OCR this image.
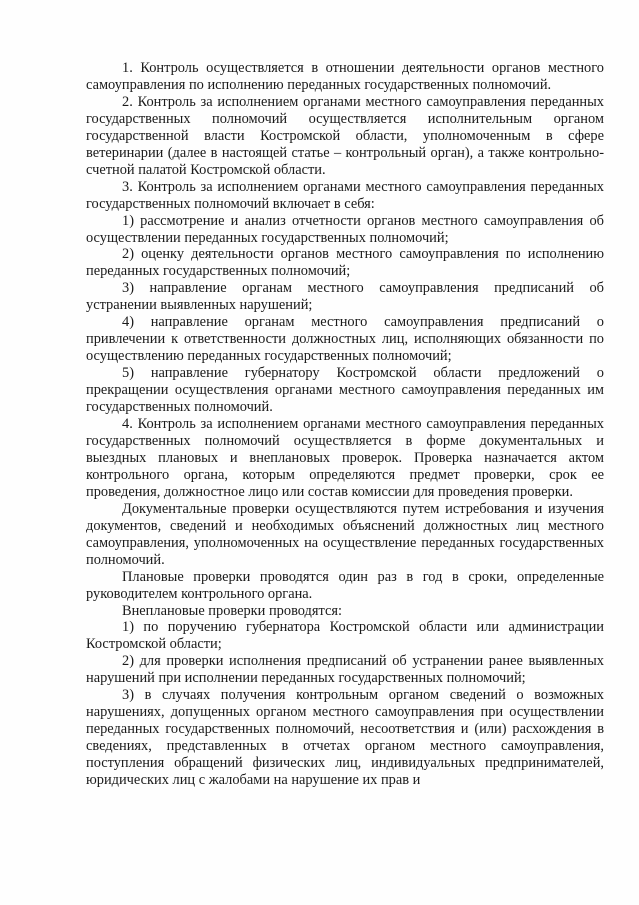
1. Контроль осуществляется в отношении деятельности органов местного самоуправления по исполнению переданных государственных полномочий.

2. Контроль за исполнением органами местного самоуправления переданных государственных полномочий осуществляется исполнительным органом государственной власти Костромской области, уполномоченным в сфере ветеринарии (далее в настоящей статье – контрольный орган), а также контрольно-счетной палатой Костромской области.

3. Контроль за исполнением органами местного самоуправления переданных государственных полномочий включает в себя:

1) рассмотрение и анализ отчетности органов местного самоуправления об осуществлении переданных государственных полномочий;

2) оценку деятельности органов местного самоуправления по исполнению переданных государственных полномочий;

3) направление органам местного самоуправления предписаний об устранении выявленных нарушений;

4) направление органам местного самоуправления предписаний о привлечении к ответственности должностных лиц, исполняющих обязанности по осуществлению переданных государственных полномочий;

5) направление губернатору Костромской области предложений о прекращении осуществления органами местного самоуправления переданных им государственных полномочий.

4. Контроль за исполнением органами местного самоуправления переданных государственных полномочий осуществляется в форме документальных и выездных плановых и внеплановых проверок. Проверка назначается актом контрольного органа, которым определяются предмет проверки, срок ее проведения, должностное лицо или состав комиссии для проведения проверки.

Документальные проверки осуществляются путем истребования и изучения документов, сведений и необходимых объяснений должностных лиц местного самоуправления, уполномоченных на осуществление переданных государственных полномочий.

Плановые проверки проводятся один раз в год в сроки, определенные руководителем контрольного органа.

Внеплановые проверки проводятся:

1) по поручению губернатора Костромской области или администрации Костромской области;

2) для проверки исполнения предписаний об устранении ранее выявленных нарушений при исполнении переданных государственных полномочий;

3) в случаях получения контрольным органом сведений о возможных нарушениях, допущенных органом местного самоуправления при осуществлении переданных государственных полномочий, несоответствия и (или) расхождения в сведениях, представленных в отчетах органом местного самоуправления, поступления обращений физических лиц, индивидуальных предпринимателей, юридических лиц с жалобами на нарушение их прав и
